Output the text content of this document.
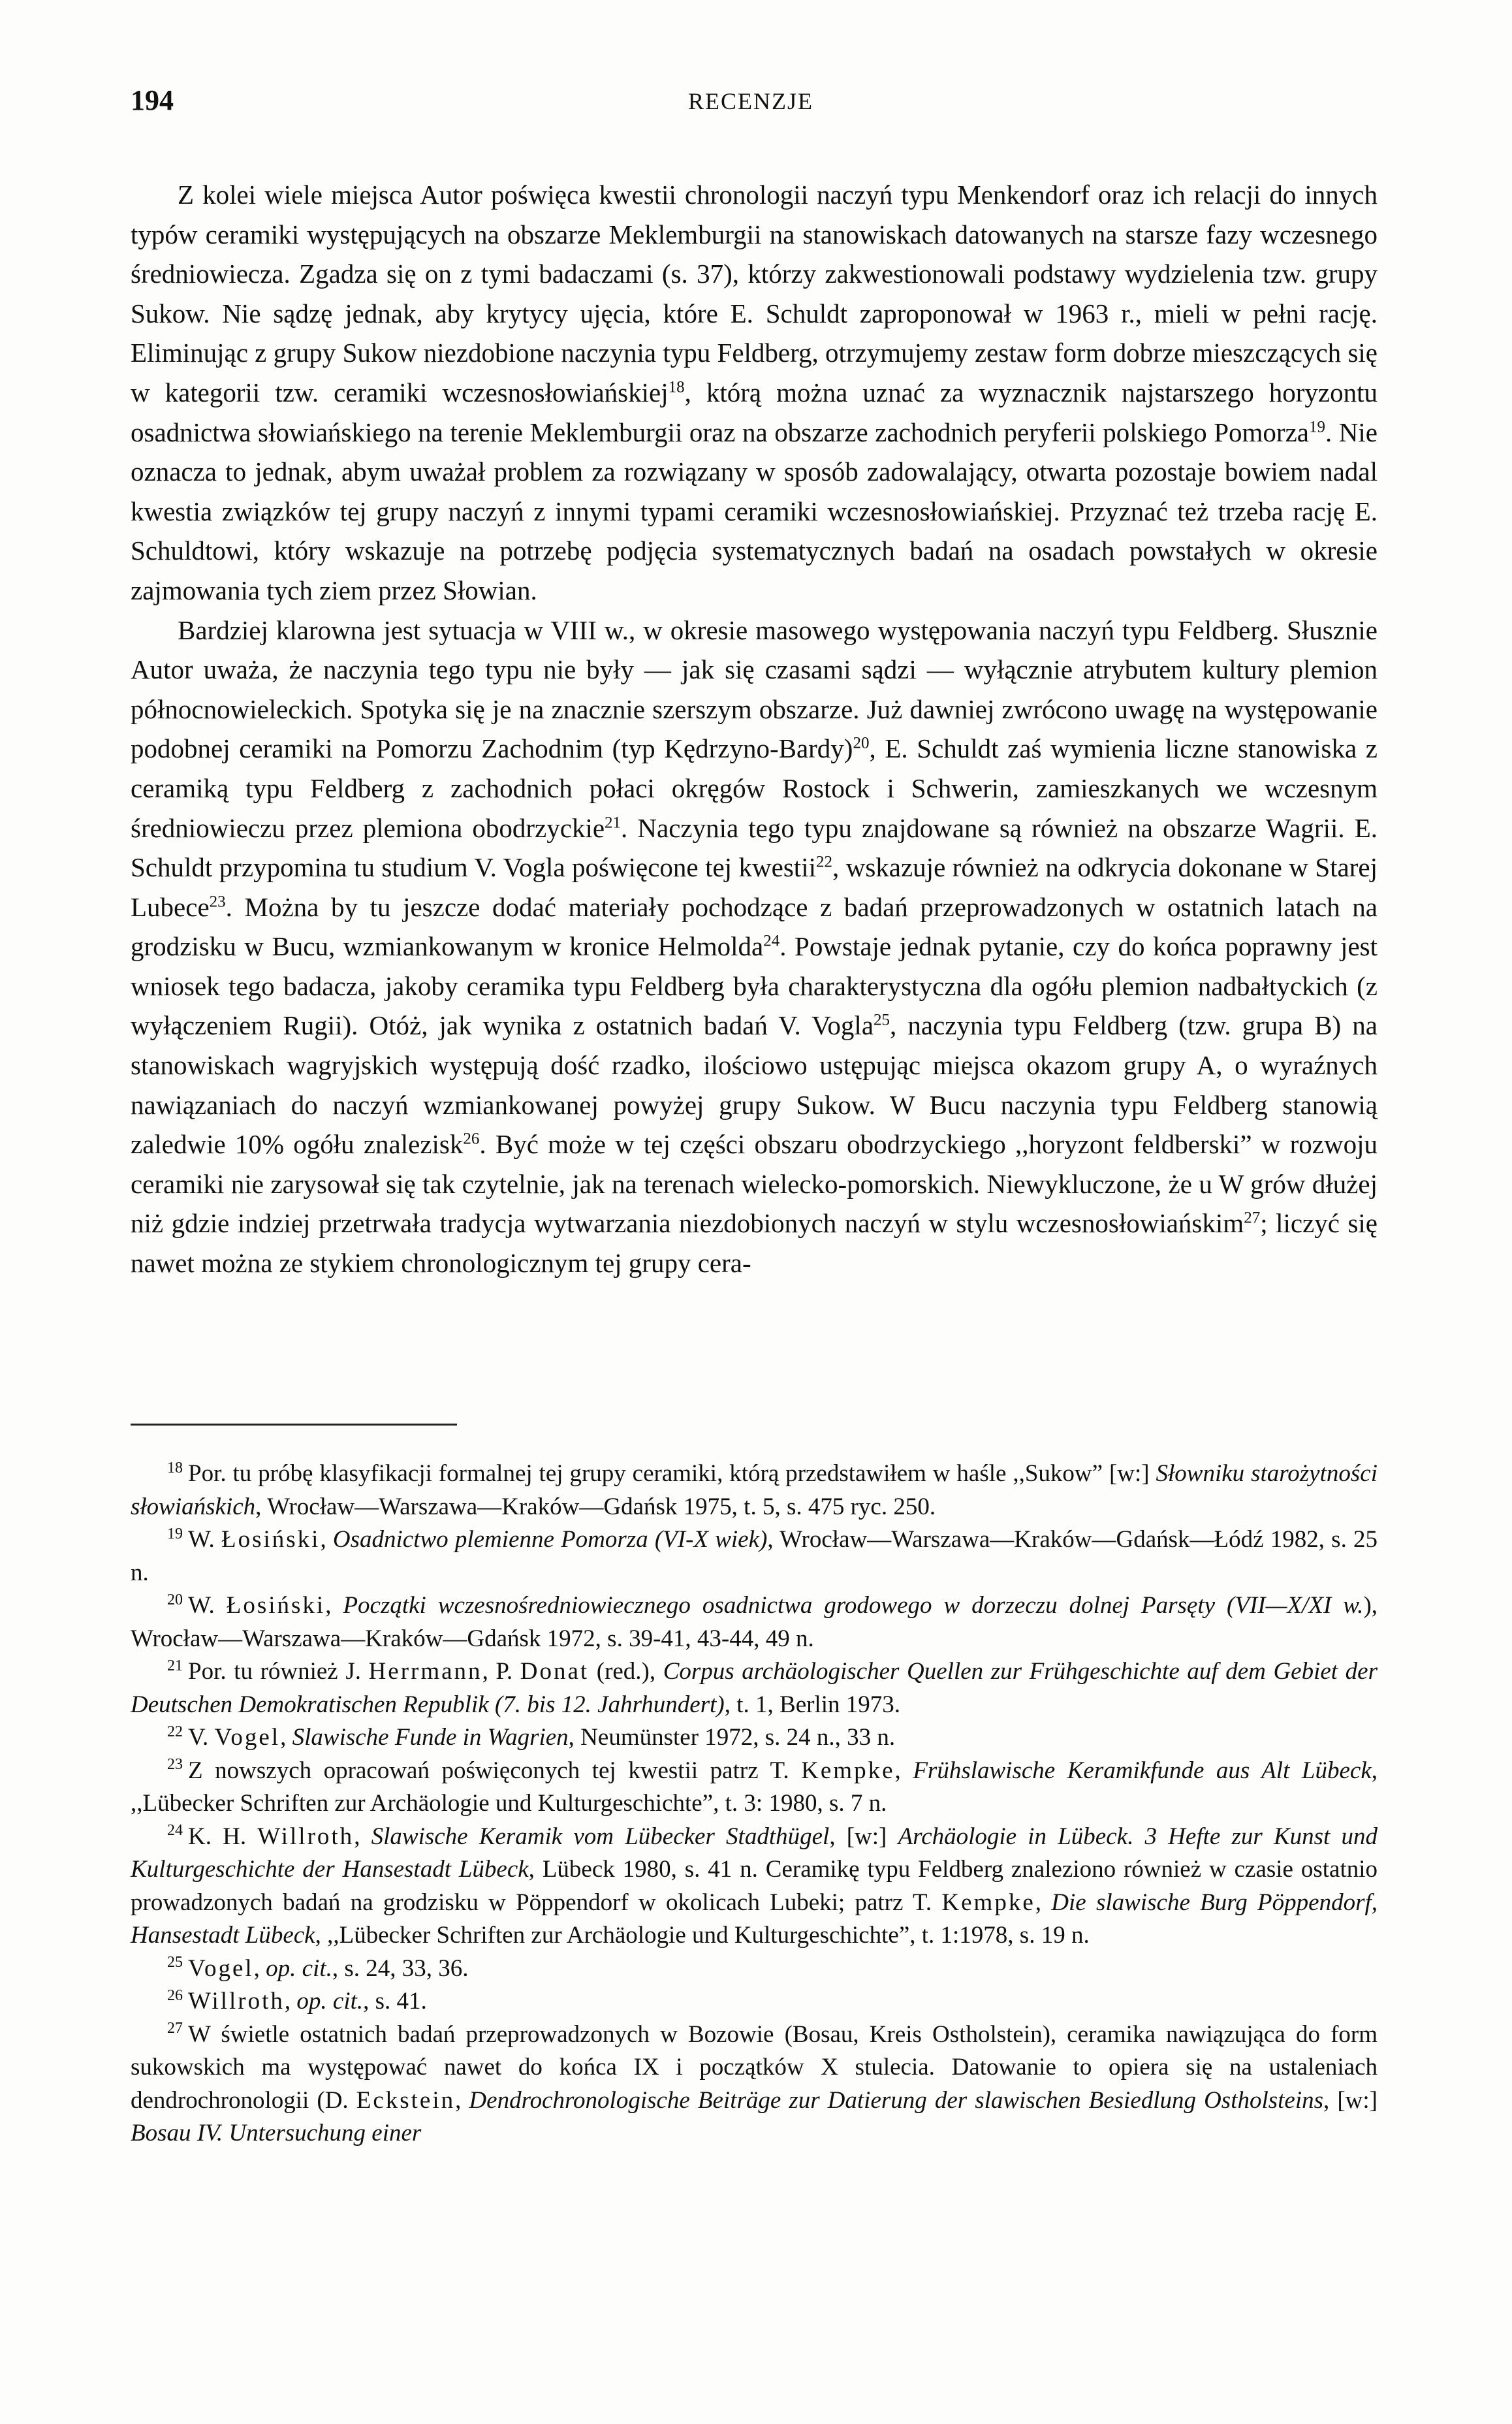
194	RECENZJE

Z kolei wiele miejsca Autor poświęca kwestii chronologii naczyń typu Menkendorf oraz ich relacji do innych typów ceramiki występujących na obszarze Meklemburgii na stanowiskach datowanych na starsze fazy wczesnego średniowiecza. Zgadza się on z tymi badaczami (s. 37), którzy zakwestionowali podstawy wydzielenia tzw. grupy Sukow. Nie sądzę jednak, aby krytycy ujęcia, które E. Schuldt zaproponował w 1963 r., mieli w pełni rację. Eliminując z grupy Sukow niezdobione naczynia typu Feldberg, otrzymujemy zestaw form dobrze mieszczących się w kategorii tzw. ceramiki wczesnosłowiańskiej$^{18}$, którą można uznać za wyznacznik najstarszego horyzontu osadnictwa słowiańskiego na terenie Meklemburgii oraz na obszarze zachodnich peryferii polskiego Pomorza$^{19}$. Nie oznacza to jednak, abym uważał problem za rozwiązany w sposób zadowalający, otwarta pozostaje bowiem nadal kwestia związków tej grupy naczyń z innymi typami ceramiki wczesnosłowiańskiej. Przyznać też trzeba rację E. Schuldtowi, który wskazuje na potrzebę podjęcia systematycznych badań na osadach powstałych w okresie zajmowania tych ziem przez Słowian.

Bardziej klarowna jest sytuacja w VIII w., w okresie masowego występowania naczyń typu Feldberg. Słusznie Autor uważa, że naczynia tego typu nie były — jak się czasami sądzi — wyłącznie atrybutem kultury plemion północnowieleckich. Spotyka się je na znacznie szerszym obszarze. Już dawniej zwrócono uwagę na występowanie podobnej ceramiki na Pomorzu Zachodnim (typ Kędrzyno-Bardy)$^{20}$, E. Schuldt zaś wymienia liczne stanowiska z ceramiką typu Feldberg z zachodnich połaci okręgów Rostock i Schwerin, zamieszkanych we wczesnym średniowieczu przez plemiona obodrzyckie$^{21}$. Naczynia tego typu znajdowane są również na obszarze Wagrii. E. Schuldt przypomina tu studium V. Vogla poświęcone tej kwestii$^{22}$, wskazuje również na odkrycia dokonane w Starej Lubece$^{23}$. Można by tu jeszcze dodać materiały pochodzące z badań przeprowadzonych w ostatnich latach na grodzisku w Bucu, wzmiankowanym w kronice Helmolda$^{24}$. Powstaje jednak pytanie, czy do końca poprawny jest wniosek tego badacza, jakoby ceramika typu Feldberg była charakterystyczna dla ogółu plemion nadbałtyckich (z wyłączeniem Rugii). Otóż, jak wynika z ostatnich badań V. Vogla$^{25}$, naczynia typu Feldberg (tzw. grupa B) na stanowiskach wagryjskich występują dość rzadko, ilościowo ustępując miejsca okazom grupy A, o wyraźnych nawiązaniach do naczyń wzmiankowanej powyżej grupy Sukow. W Bucu naczynia typu Feldberg stanowią zaledwie 10% ogółu znalezisk$^{26}$. Być może w tej części obszaru obodrzyckiego ,,horyzont feldberski” w rozwoju ceramiki nie zarysował się tak czytelnie, jak na terenach wielecko-pomorskich. Niewykluczone, że u W grów dłużej niż gdzie indziej przetrwała tradycja wytwarzania niezdobionych naczyń w stylu wczesnosłowiańskim$^{27}$; liczyć się nawet można ze stykiem chronologicznym tej grupy cera-

$^{18}$ Por. tu próbę klasyfikacji formalnej tej grupy ceramiki, którą przedstawiłem w haśle ,,Sukow” [w:] Słowniku starożytności słowiańskich, Wrocław—Warszawa—Kraków—Gdańsk 1975, t. 5, s. 475 ryc. 250.

$^{19}$ W. Łosiński, Osadnictwo plemienne Pomorza (VI-X wiek), Wrocław—Warszawa—Kraków—Gdańsk—Łódź 1982, s. 25 n.

$^{20}$ W. Łosiński, Początki wczesnośredniowiecznego osadnictwa grodowego w dorzeczu dolnej Parsęty (VII—X/XI w.), Wrocław—Warszawa—Kraków—Gdańsk 1972, s. 39-41, 43-44, 49 n.

$^{21}$ Por. tu również J. Herrmann, P. Donat (red.), Corpus archäologischer Quellen zur Frühgeschichte auf dem Gebiet der Deutschen Demokratischen Republik (7. bis 12. Jahrhundert), t. 1, Berlin 1973.

$^{22}$ V. Vogel, Slawische Funde in Wagrien, Neumünster 1972, s. 24 n., 33 n.

$^{23}$ Z nowszych opracowań poświęconych tej kwestii patrz T. Kempke, Frühslawische Keramikfunde aus Alt Lübeck, ,,Lübecker Schriften zur Archäologie und Kulturgeschichte”, t. 3: 1980, s. 7 n.

$^{24}$ K. H. Willroth, Slawische Keramik vom Lübecker Stadthügel, [w:] Archäologie in Lübeck. 3 Hefte zur Kunst und Kulturgeschichte der Hansestadt Lübeck, Lübeck 1980, s. 41 n. Ceramikę typu Feldberg znaleziono również w czasie ostatnio prowadzonych badań na grodzisku w Pöppendorf w okolicach Lubeki; patrz T. Kempke, Die slawische Burg Pöppendorf, Hansestadt Lübeck, ,,Lübecker Schriften zur Archäologie und Kulturgeschichte”, t. 1:1978, s. 19 n.

$^{25}$ Vogel, op. cit., s. 24, 33, 36.

$^{26}$ Willroth, op. cit., s. 41.

$^{27}$ W świetle ostatnich badań przeprowadzonych w Bozowie (Bosau, Kreis Ostholstein), ceramika nawiązująca do form sukowskich ma występować nawet do końca IX i początków X stulecia. Datowanie to opiera się na ustaleniach dendrochronologii (D. Eckstein, Dendrochronologische Beiträge zur Datierung der slawischen Besiedlung Ostholsteins, [w:] Bosau IV. Untersuchung einer
